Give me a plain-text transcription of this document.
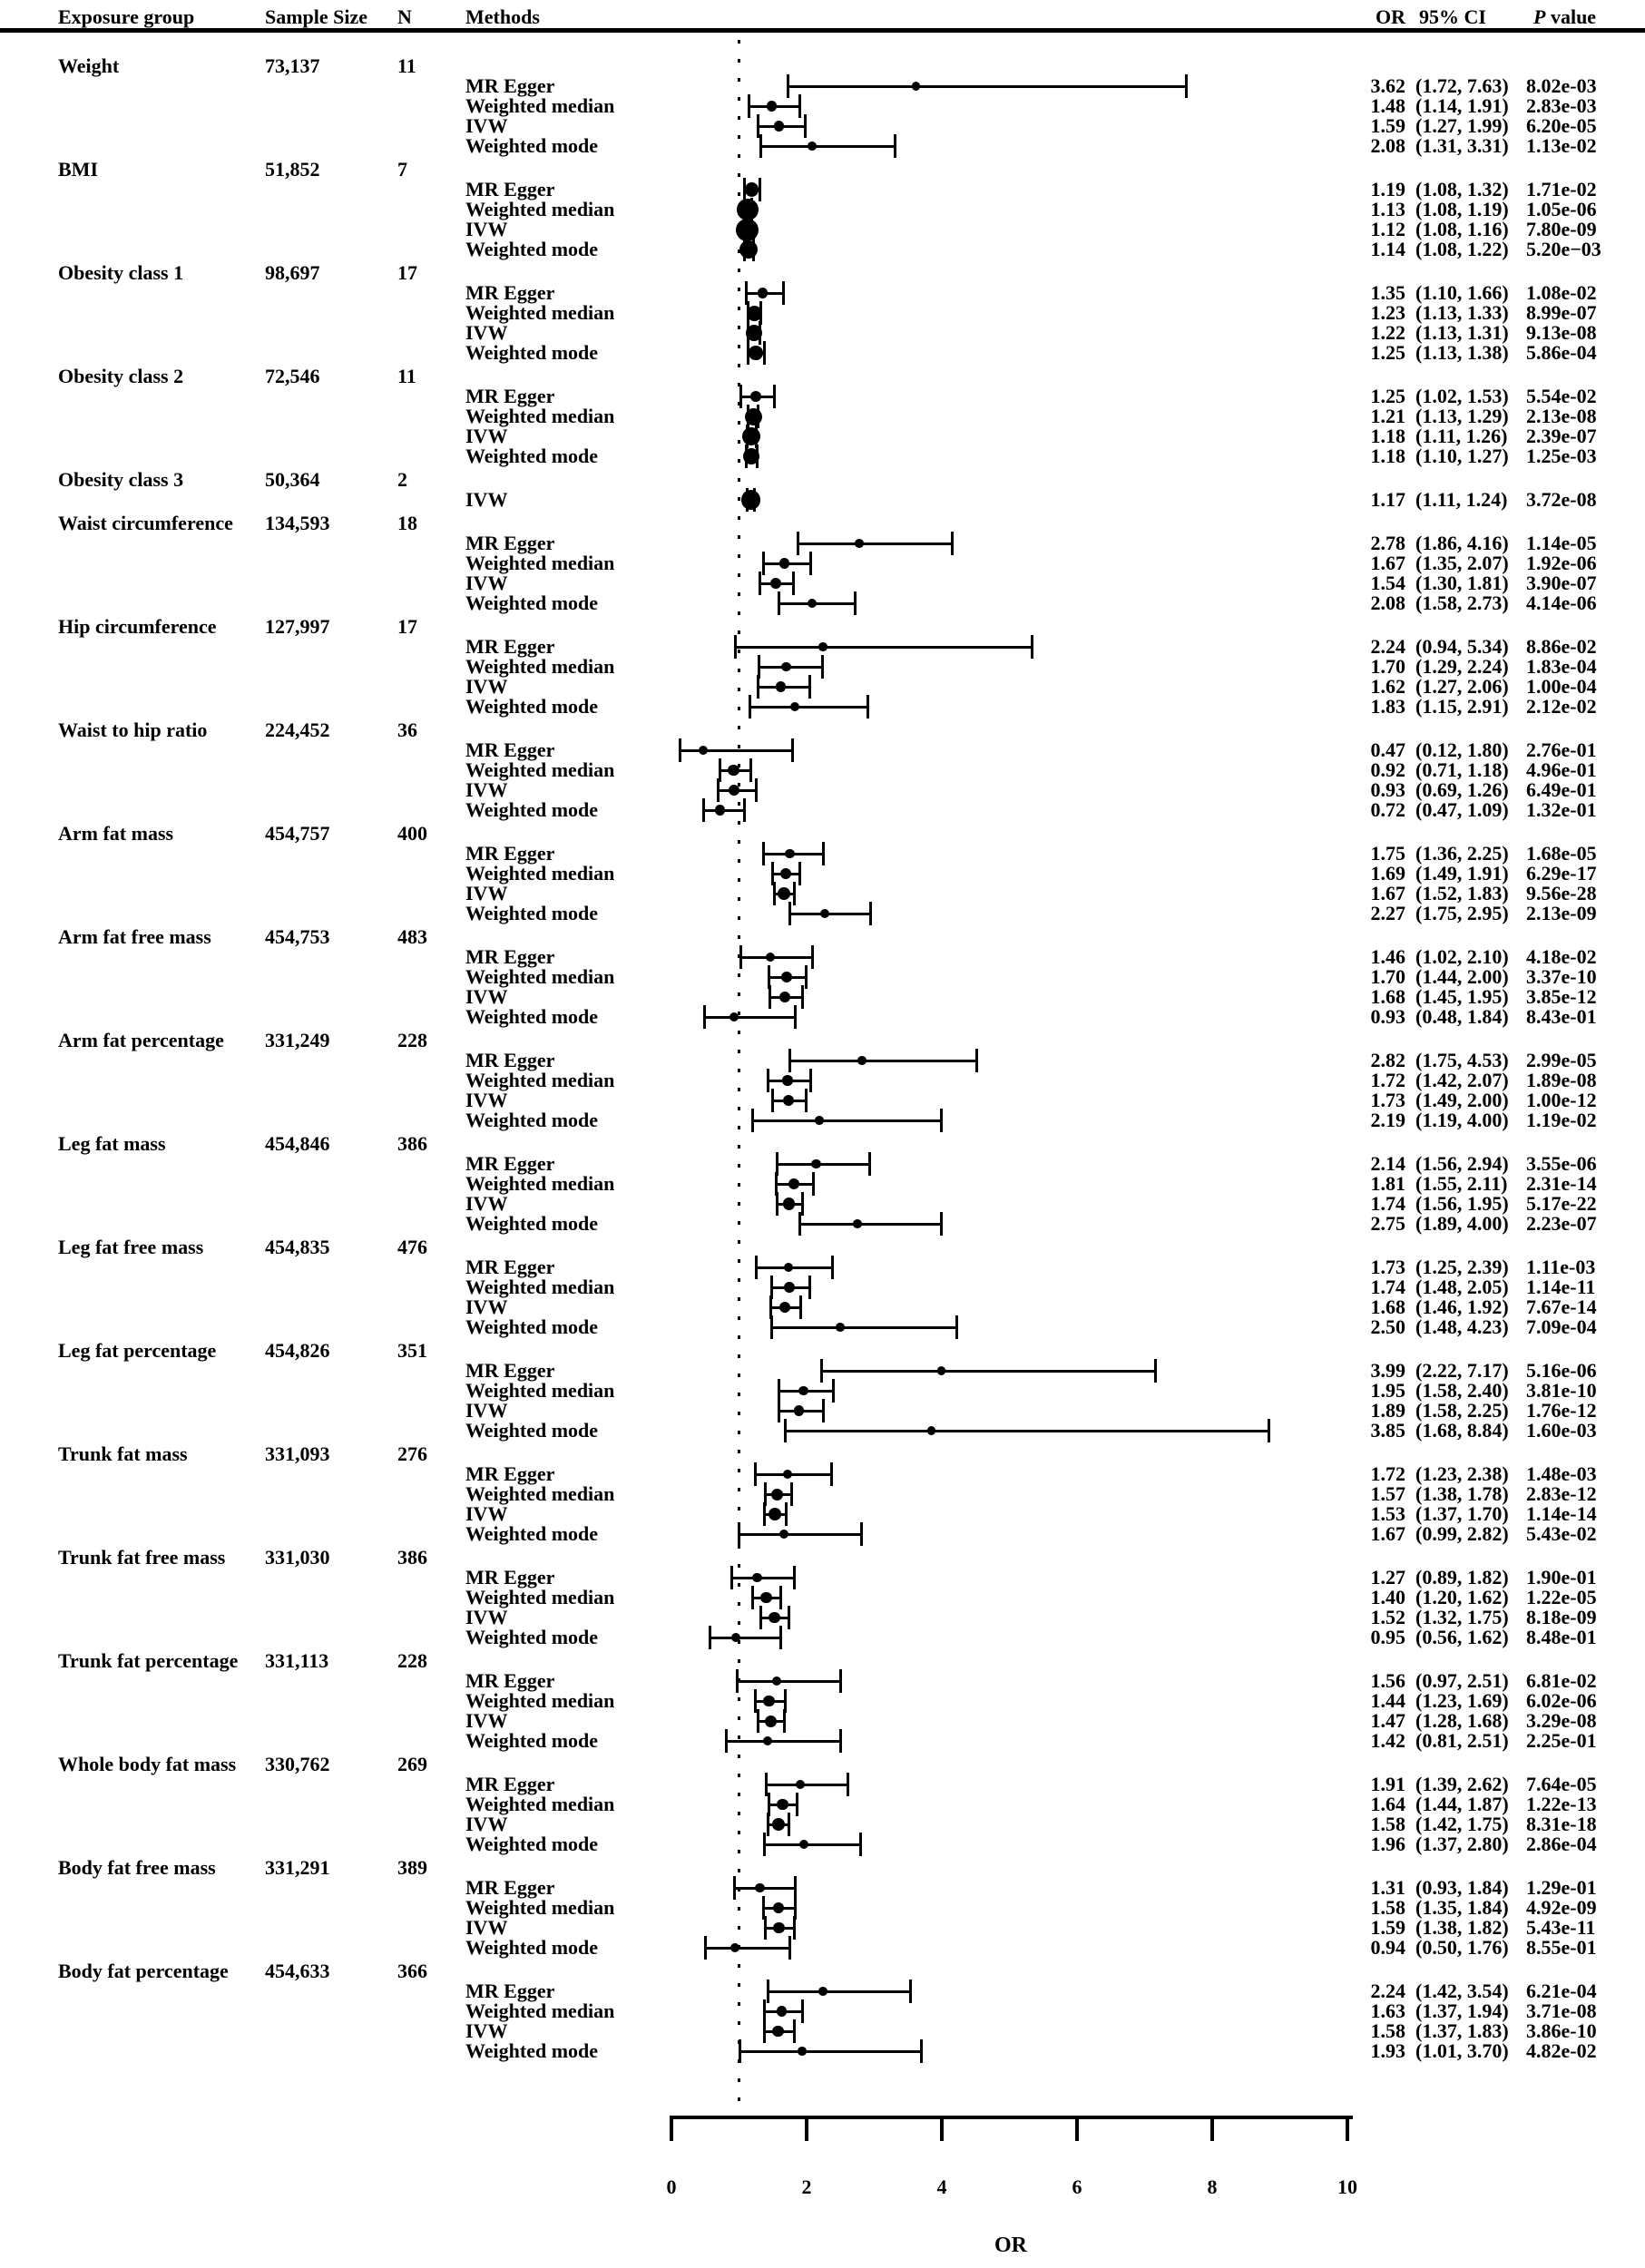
Exposure group	Sample Size N	Methods	OR 95% CI P value
Weight	73,137	11
MR Egger	3.62 (1.72, 7.63) 8.02e-03
Weighted median	1.48 (1.14, 1.91) 2.83e-03
IVW	1.59 (1.27, 1.99) 6.20e-05
Weighted mode	2.08 (1.31, 3.31) 1.13e-02
BMI	51,852	7
MR Egger	1.19 (1.08, 1.32) 1.71e-02
Weighted median	1.13 (1.08, 1.19) 1.05e-06
IVW	1.12 (1.08, 1.16) 7.80e-09
Weighted mode	1.14 (1.08, 1.22) 5.20e−03
Obesity class 1	98,697	17
MR Egger	1.35 (1.10, 1.66) 1.08e-02
Weighted median	1.23 (1.13, 1.33) 8.99e-07
IVW	1.22 (1.13, 1.31) 9.13e-08
Weighted mode	1.25 (1.13, 1.38) 5.86e-04
Obesity class 2	72,546	11
MR Egger	1.25 (1.02, 1.53) 5.54e-02
Weighted median	1.21 (1.13, 1.29) 2.13e-08
IVW	1.18 (1.11, 1.26) 2.39e-07
Weighted mode	1.18 (1.10, 1.27) 1.25e-03
Obesity class 3	50,364	2
IVW	1.17 (1.11, 1.24) 3.72e-08
Waist circumference 134,593	18
MR Egger	2.78 (1.86, 4.16) 1.14e-05
Weighted median	1.67 (1.35, 2.07) 1.92e-06
IVW	1.54 (1.30, 1.81) 3.90e-07
Weighted mode	2.08 (1.58, 2.73) 4.14e-06
Hip circumference 127,997	17
MR Egger	2.24 (0.94, 5.34) 8.86e-02
Weighted median	1.70 (1.29, 2.24) 1.83e-04
IVW	1.62 (1.27, 2.06) 1.00e-04
Weighted mode	1.83 (1.15, 2.91) 2.12e-02
Waist to hip ratio	224,452	36
MR Egger	0.47 (0.12, 1.80) 2.76e-01
Weighted median	0.92 (0.71, 1.18) 4.96e-01
IVW	0.93 (0.69, 1.26) 6.49e-01
Weighted mode	0.72 (0.47, 1.09) 1.32e-01
Arm fat mass	454,757	400
MR Egger	1.75 (1.36, 2.25) 1.68e-05
Weighted median	1.69 (1.49, 1.91) 6.29e-17
IVW	1.67 (1.52, 1.83) 9.56e-28
Weighted mode	2.27 (1.75, 2.95) 2.13e-09
Arm fat free mass	454,753	483
MR Egger	1.46 (1.02, 2.10) 4.18e-02
Weighted median	1.70 (1.44, 2.00) 3.37e-10
IVW	1.68 (1.45, 1.95) 3.85e-12
Weighted mode	0.93 (0.48, 1.84) 8.43e-01
Arm fat percentage 331,249	228
MR Egger	2.82 (1.75, 4.53) 2.99e-05
Weighted median	1.72 (1.42, 2.07) 1.89e-08
IVW	1.73 (1.49, 2.00) 1.00e-12
Weighted mode	2.19 (1.19, 4.00) 1.19e-02
Leg fat mass	454,846	386
MR Egger	2.14 (1.56, 2.94) 3.55e-06
Weighted median	1.81 (1.55, 2.11) 2.31e-14
IVW	1.74 (1.56, 1.95) 5.17e-22
Weighted mode	2.75 (1.89, 4.00) 2.23e-07
Leg fat free mass	454,835	476
MR Egger	1.73 (1.25, 2.39) 1.11e-03
Weighted median	1.74 (1.48, 2.05) 1.14e-11
IVW	1.68 (1.46, 1.92) 7.67e-14
Weighted mode	2.50 (1.48, 4.23) 7.09e-04
Leg fat percentage 454,826	351
MR Egger	3.99 (2.22, 7.17) 5.16e-06
Weighted median	1.95 (1.58, 2.40) 3.81e-10
IVW	1.89 (1.58, 2.25) 1.76e-12
Weighted mode	3.85 (1.68, 8.84) 1.60e-03
Trunk fat mass	331,093	276
MR Egger	1.72 (1.23, 2.38) 1.48e-03
Weighted median	1.57 (1.38, 1.78) 2.83e-12
IVW	1.53 (1.37, 1.70) 1.14e-14
Weighted mode	1.67 (0.99, 2.82) 5.43e-02
Trunk fat free mass 331,030	386
MR Egger	1.27 (0.89, 1.82) 1.90e-01
Weighted median	1.40 (1.20, 1.62) 1.22e-05
IVW	1.52 (1.32, 1.75) 8.18e-09
Weighted mode	0.95 (0.56, 1.62) 8.48e-01
Trunk fat percentage 331,113	228
MR Egger	1.56 (0.97, 2.51) 6.81e-02
Weighted median	1.44 (1.23, 1.69) 6.02e-06
IVW	1.47 (1.28, 1.68) 3.29e-08
Weighted mode	1.42 (0.81, 2.51) 2.25e-01
Whole body fat mass 330,762	269
MR Egger	1.91 (1.39, 2.62) 7.64e-05
Weighted median	1.64 (1.44, 1.87) 1.22e-13
IVW	1.58 (1.42, 1.75) 8.31e-18
Weighted mode	1.96 (1.37, 2.80) 2.86e-04
Body fat free mass 331,291	389
MR Egger	1.31 (0.93, 1.84) 1.29e-01
Weighted median	1.58 (1.35, 1.84) 4.92e-09
IVW	1.59 (1.38, 1.82) 5.43e-11
Weighted mode	0.94 (0.50, 1.76) 8.55e-01
Body fat percentage 454,633	366
MR Egger	2.24 (1.42, 3.54) 6.21e-04
Weighted median	1.63 (1.37, 1.94) 3.71e-08
IVW	1.58 (1.37, 1.83) 3.86e-10
Weighted mode	1.93 (1.01, 3.70) 4.82e-02
0	2	4	6	8	10
OR
